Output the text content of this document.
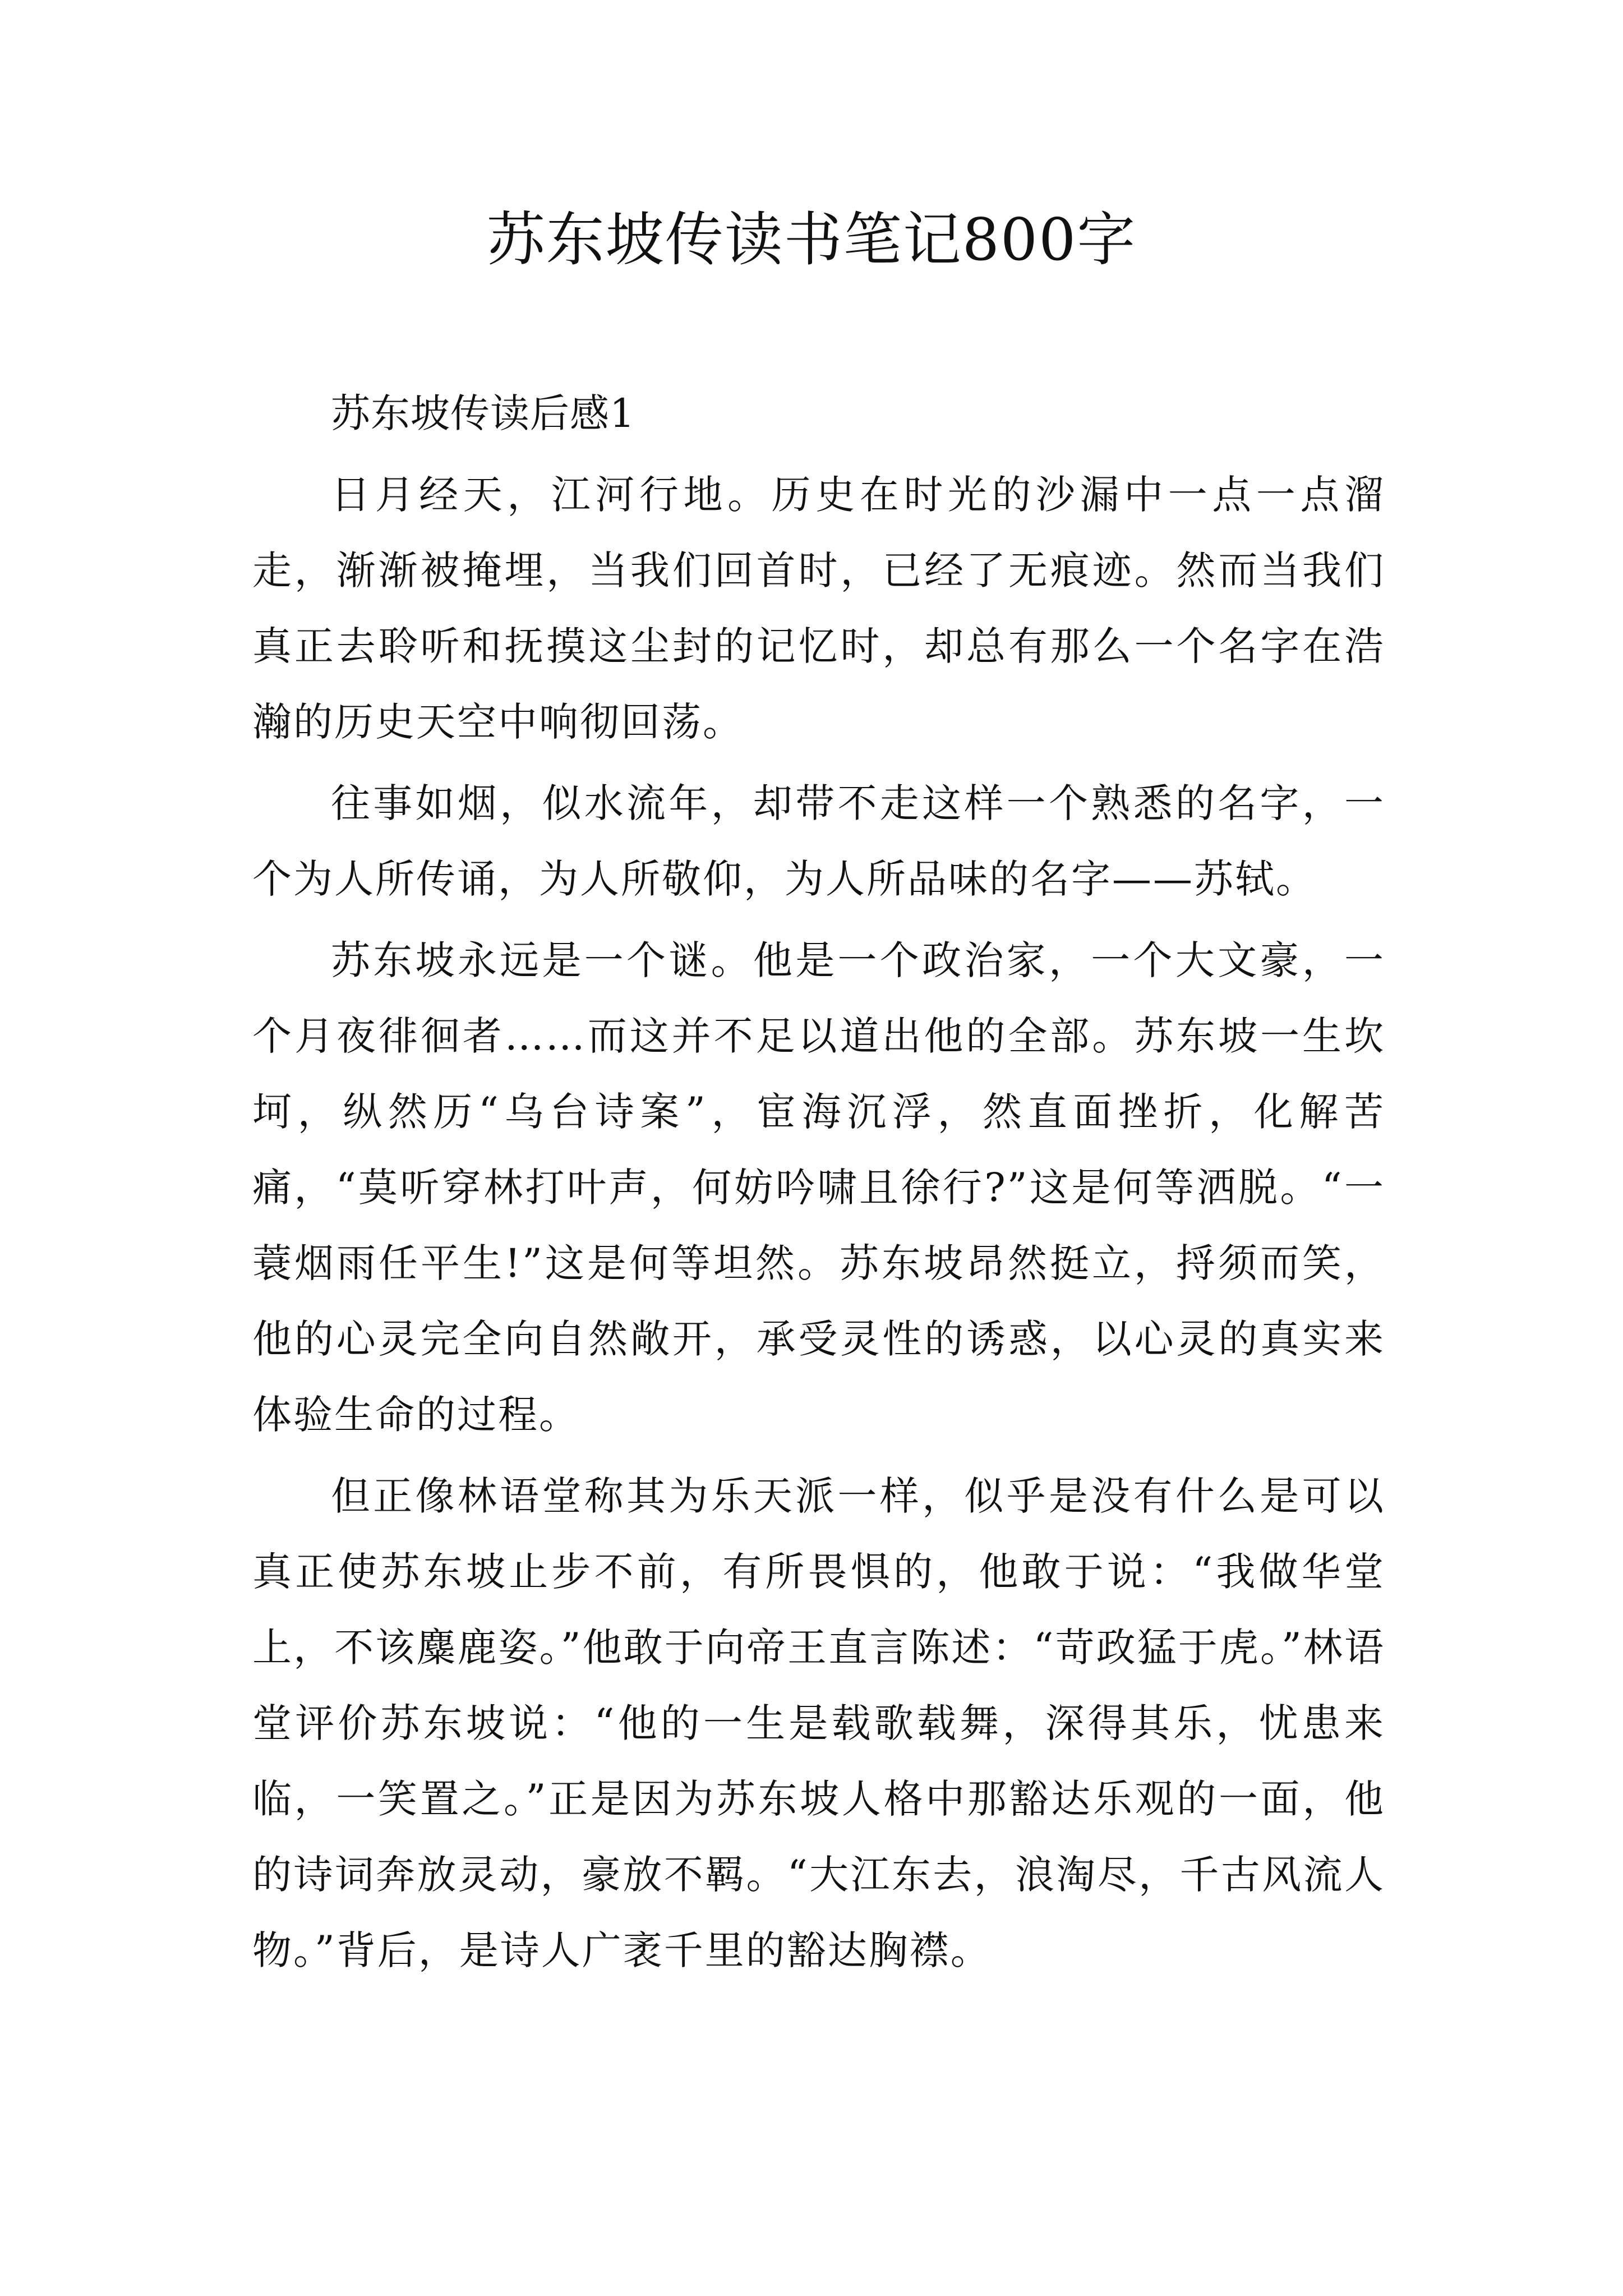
苏东坡传读书笔记800字

苏东坡传读后感1

日月经天，江河行地。历史在时光的沙漏中一点一点溜走，渐渐被掩埋，当我们回首时，已经了无痕迹。然而当我们真正去聆听和抚摸这尘封的记忆时，却总有那么一个名字在浩瀚的历史天空中响彻回荡。

往事如烟，似水流年，却带不走这样一个熟悉的名字，一个为人所传诵，为人所敬仰，为人所品味的名字——苏轼。

苏东坡永远是一个谜。他是一个政治家，一个大文豪，一个月夜徘徊者……而这并不足以道出他的全部。苏东坡一生坎坷，纵然历“乌台诗案”，宦海沉浮，然直面挫折，化解苦痛，“莫听穿林打叶声，何妨吟啸且徐行?”这是何等洒脱。“一蓑烟雨任平生!”这是何等坦然。苏东坡昂然挺立，捋须而笑，他的心灵完全向自然敞开，承受灵性的诱惑，以心灵的真实来体验生命的过程。

但正像林语堂称其为乐天派一样，似乎是没有什么是可以真正使苏东坡止步不前，有所畏惧的，他敢于说：“我做华堂上，不该麋鹿姿。”他敢于向帝王直言陈述：“苛政猛于虎。”林语堂评价苏东坡说：“他的一生是载歌载舞，深得其乐，忧患来临，一笑置之。”正是因为苏东坡人格中那豁达乐观的一面，他的诗词奔放灵动，豪放不羁。“大江东去，浪淘尽，千古风流人物。”背后，是诗人广袤千里的豁达胸襟。
